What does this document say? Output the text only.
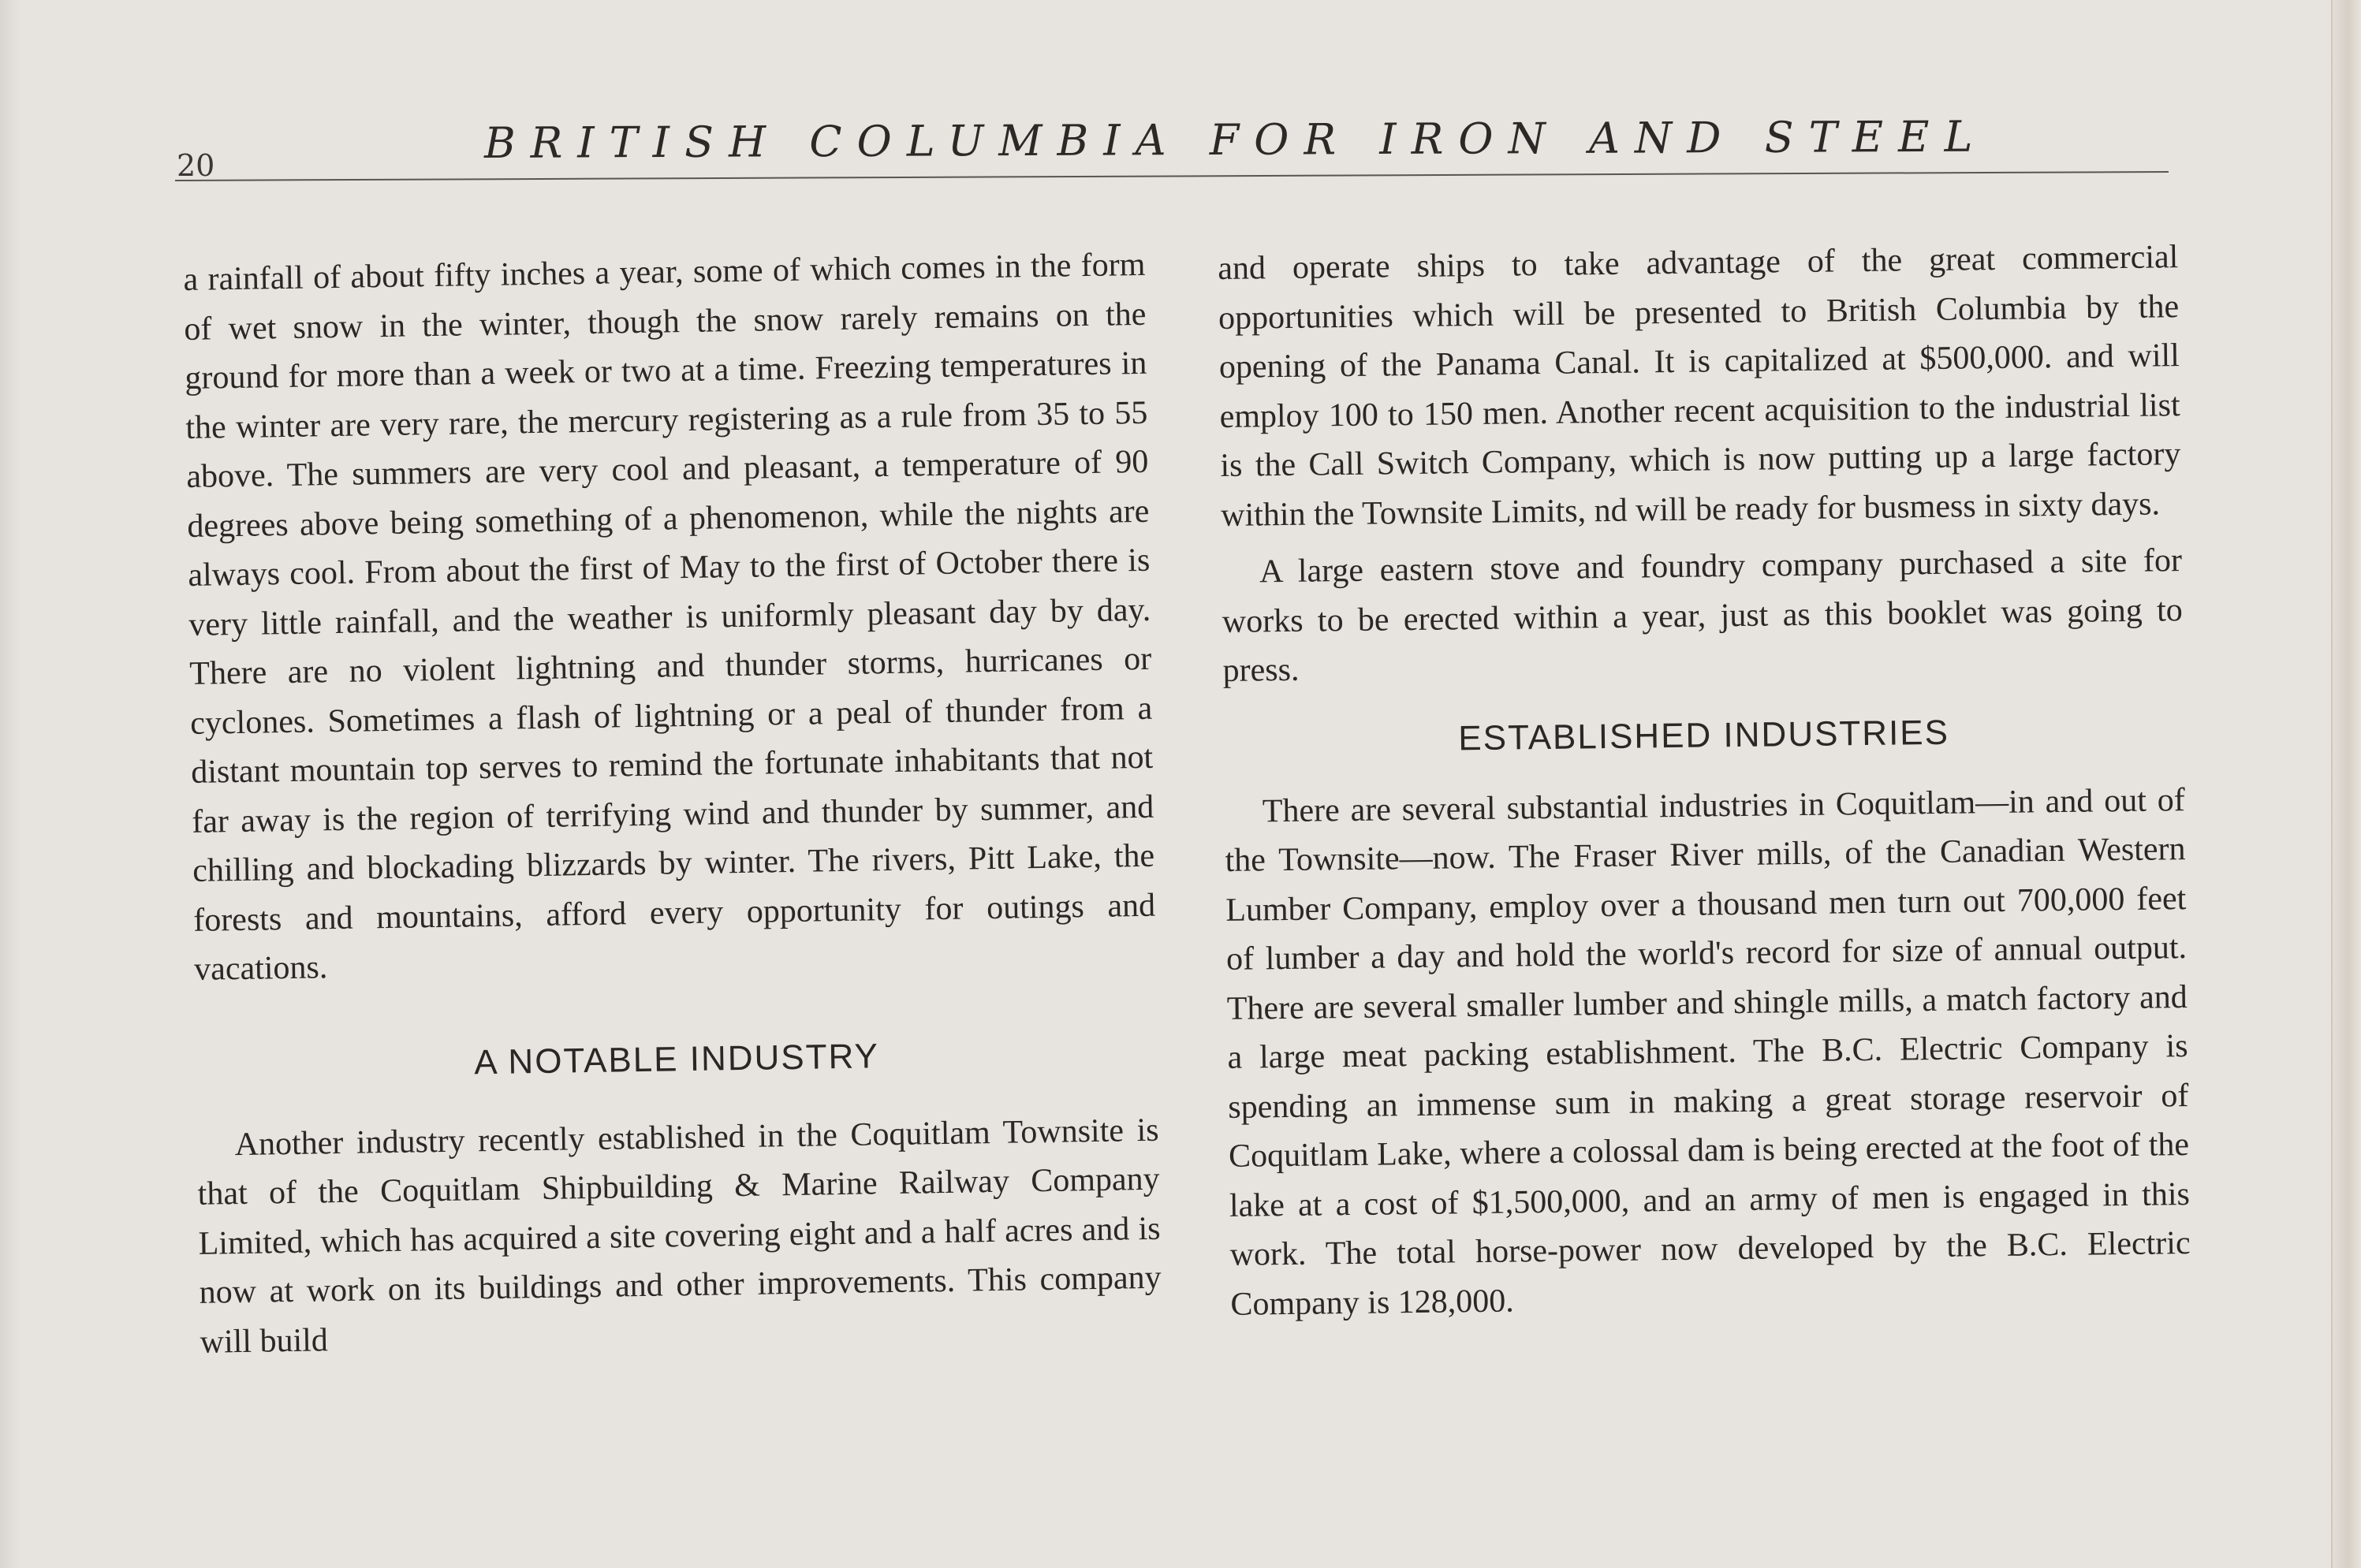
20	BRITISH COLUMBIA FOR IRON AND STEEL

a rainfall of about fifty inches a year, some of which comes in the form of wet snow in the winter, though the snow rarely remains on the ground for more than a week or two at a time. Freezing temperatures in the winter are very rare, the mercury registering as a rule from 35 to 55 above. The summers are very cool and pleasant, a temperature of 90 degrees above being something of a phenomenon, while the nights are always cool. From about the first of May to the first of October there is very little rainfall, and the weather is uniformly pleasant day by day. There are no violent lightning and thunder storms, hurricanes or cyclones. Sometimes a flash of lightning or a peal of thunder from a distant mountain top serves to remind the fortunate inhabitants that not far away is the region of terrifying wind and thunder by summer, and chilling and blockading blizzards by winter. The rivers, Pitt Lake, the forests and mountains, afford every opportunity for outings and vacations.

A NOTABLE INDUSTRY

Another industry recently established in the Coquitlam Townsite is that of the Coquitlam Shipbuilding & Marine Railway Company Limited, which has acquired a site covering eight and a half acres and is now at work on its buildings and other improvements. This company will build

and operate ships to take advantage of the great commercial opportunities which will be presented to British Columbia by the opening of the Panama Canal. It is capitalized at $500,000. and will employ 100 to 150 men. Another recent acquisition to the industrial list is the Call Switch Company, which is now putting up a large factory within the Townsite Limits, nd will be ready for busmess in sixty days.

A large eastern stove and foundry company purchased a site for works to be erected within a year, just as this booklet was going to press.

ESTABLISHED INDUSTRIES

There are several substantial industries in Coquitlam—in and out of the Townsite—now. The Fraser River mills, of the Canadian Western Lumber Company, employ over a thousand men turn out 700,000 feet of lumber a day and hold the world's record for size of annual output. There are several smaller lumber and shingle mills, a match factory and a large meat packing establishment. The B.C. Electric Company is spending an immense sum in making a great storage reservoir of Coquitlam Lake, where a colossal dam is being erected at the foot of the lake at a cost of $1,500,000, and an army of men is engaged in this work. The total horse-power now developed by the B.C. Electric Company is 128,000.
